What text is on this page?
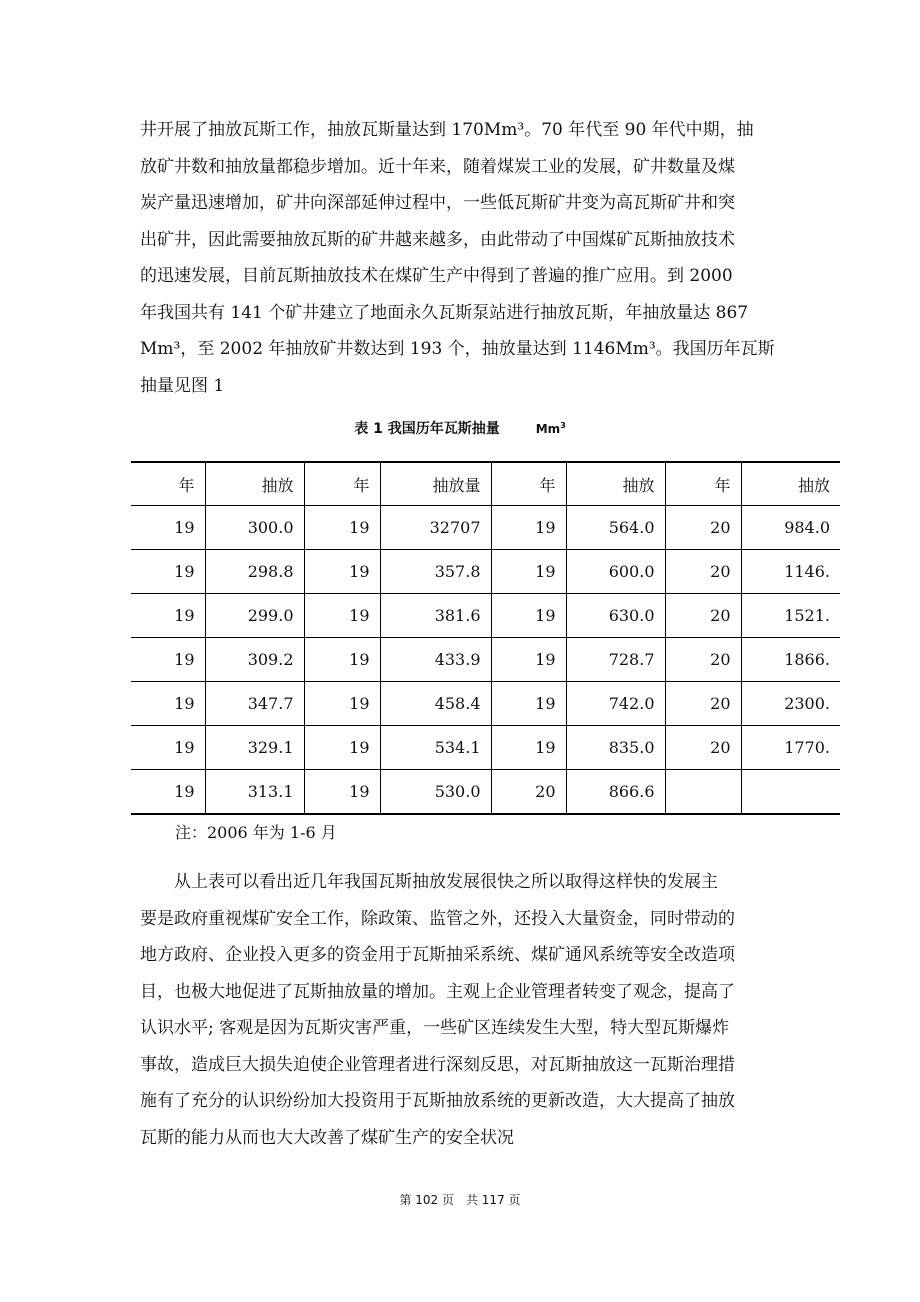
井开展了抽放瓦斯工作，抽放瓦斯量达到 170Mm³。70 年代至 90 年代中期，抽
放矿井数和抽放量都稳步增加。近十年来，随着煤炭工业的发展，矿井数量及煤
炭产量迅速增加，矿井向深部延伸过程中，一些低瓦斯矿井变为高瓦斯矿井和突
出矿井，因此需要抽放瓦斯的矿井越来越多，由此带动了中国煤矿瓦斯抽放技术
的迅速发展，目前瓦斯抽放技术在煤矿生产中得到了普遍的推广应用。到 2000
年我国共有 141 个矿井建立了地面永久瓦斯泵站进行抽放瓦斯，年抽放量达 867
Mm³，至 2002 年抽放矿井数达到 193 个，抽放量达到 1146Mm³。我国历年瓦斯
抽量见图 1
表 1 我国历年瓦斯抽量	Mm$^3$
年	抽放	年	抽放量	年	抽放	年	抽放
19	300.0	19	32707	19	564.0	20	984.0
19	298.8	19	357.8	19	600.0	20	1146.
19	299.0	19	381.6	19	630.0	20	1521.
19	309.2	19	433.9	19	728.7	20	1866.
19	347.7	19	458.4	19	742.0	20	2300.
19	329.1	19	534.1	19	835.0	20	1770.
19	313.1	19	530.0	20	866.6		
注：2006 年为 1-6 月
从上表可以看出近几年我国瓦斯抽放发展很快之所以取得这样快的发展主
要是政府重视煤矿安全工作，除政策、监管之外，还投入大量资金，同时带动的
地方政府、企业投入更多的资金用于瓦斯抽采系统、煤矿通风系统等安全改造项
目，也极大地促进了瓦斯抽放量的增加。主观上企业管理者转变了观念，提高了
认识水平; 客观是因为瓦斯灾害严重，一些矿区连续发生大型，特大型瓦斯爆炸
事故，造成巨大损失迫使企业管理者进行深刻反思，对瓦斯抽放这一瓦斯治理措
施有了充分的认识纷纷加大投资用于瓦斯抽放系统的更新改造，大大提高了抽放
瓦斯的能力从而也大大改善了煤矿生产的安全状况
第 102 页　共 117 页
